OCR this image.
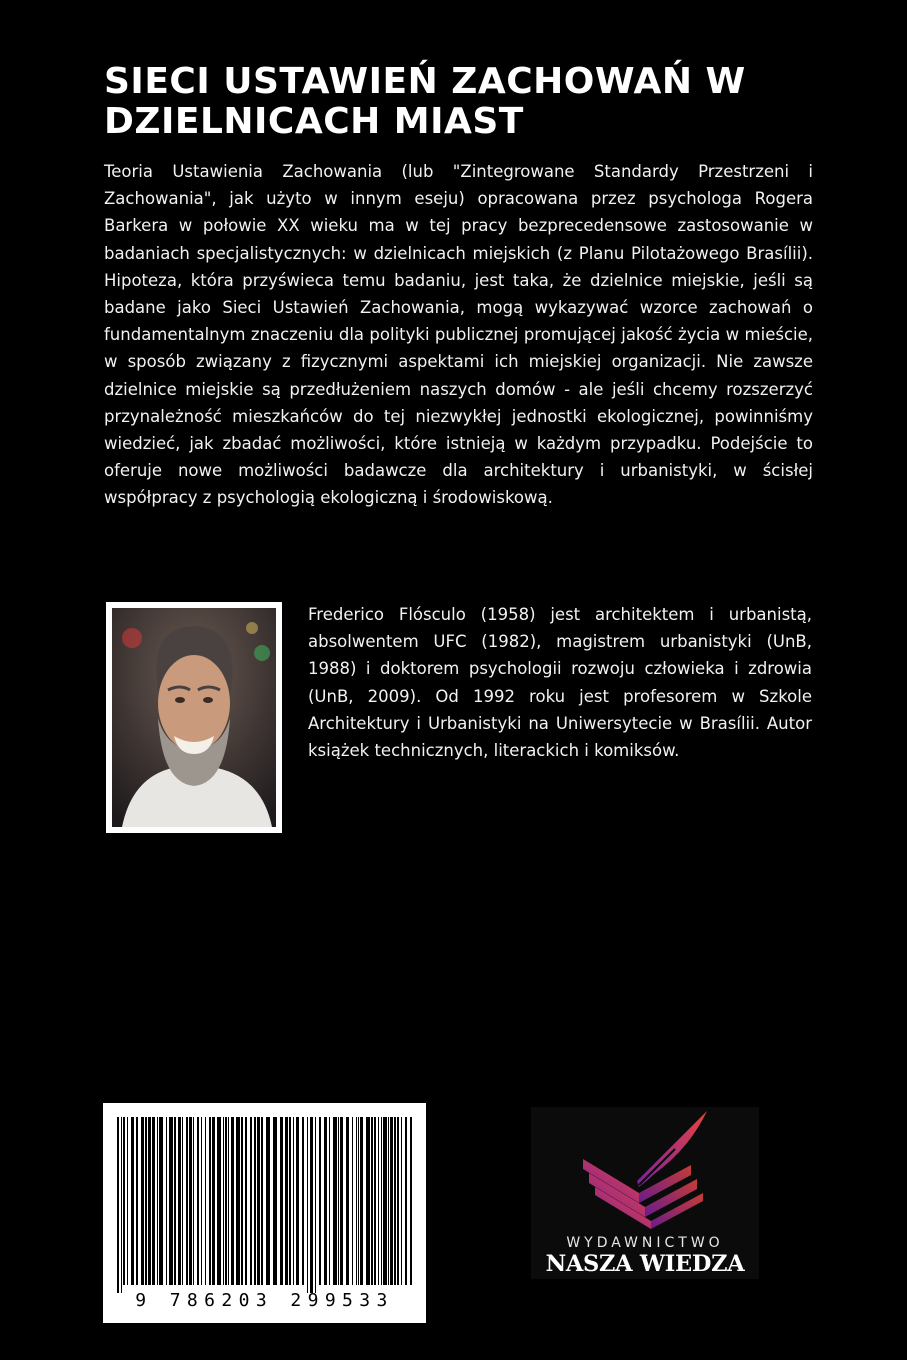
SIECI USTAWIEŃ ZACHOWAŃ W DZIELNICACH MIAST

Teoria Ustawienia Zachowania (lub "Zintegrowane Standardy Przestrzeni i Zachowania", jak użyto w innym eseju) opracowana przez psychologa Rogera Barkera w połowie XX wieku ma w tej pracy bezprecedensowe zastosowanie w badaniach specjalistycznych: w dzielnicach miejskich (z Planu Pilotażowego Brasílii). Hipoteza, która przyświeca temu badaniu, jest taka, że dzielnice miejskie, jeśli są badane jako Sieci Ustawień Zachowania, mogą wykazywać wzorce zachowań o fundamentalnym znaczeniu dla polityki publicznej promującej jakość życia w mieście, w sposób związany z fizycznymi aspektami ich miejskiej organizacji. Nie zawsze dzielnice miejskie są przedłużeniem naszych domów - ale jeśli chcemy rozszerzyć przynależność mieszkańców do tej niezwykłej jednostki ekologicznej, powinniśmy wiedzieć, jak zbadać możliwości, które istnieją w każdym przypadku. Podejście to oferuje nowe możliwości badawcze dla architektury i urbanistyki, w ścisłej współpracy z psychologią ekologiczną i środowiskową.

Frederico Flósculo (1958) jest architektem i urbanistą, absolwentem UFC (1982), magistrem urbanistyki (UnB, 1988) i doktorem psychologii rozwoju człowieka i zdrowia (UnB, 2009). Od 1992 roku jest profesorem w Szkole Architektury i Urbanistyki na Uniwersytecie w Brasílii. Autor książek technicznych, literackich i komiksów.

9 786203 299533
WYDAWNICTWO
NASZA WIEDZA
